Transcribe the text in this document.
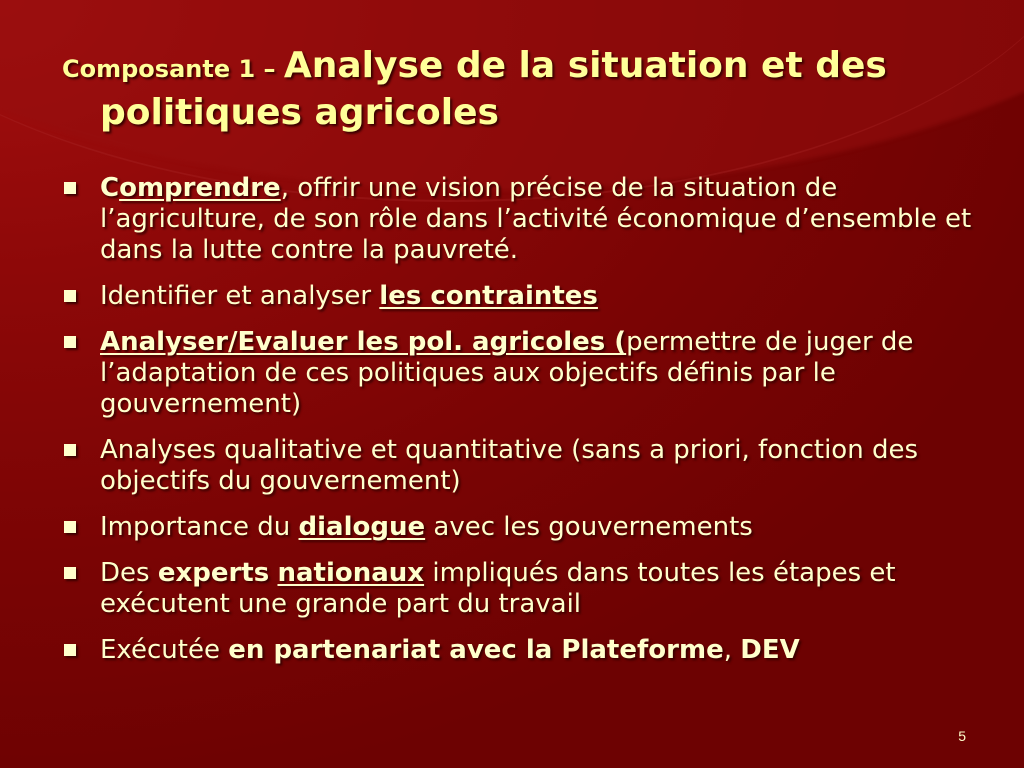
Composante 1 – Analyse de la situation et des politiques agricoles
Comprendre, offrir une vision précise de la situation de l’agriculture, de son rôle dans l’activité économique d’ensemble et dans la lutte contre la pauvreté.
Identifier et analyser les contraintes
Analyser/Evaluer les pol. agricoles (permettre de juger de l’adaptation de ces politiques aux objectifs définis par le gouvernement)
Analyses qualitative et quantitative (sans a priori, fonction des objectifs du gouvernement)
Importance du dialogue avec les gouvernements
Des experts nationaux impliqués dans toutes les étapes et exécutent une grande part du travail
Exécutée en partenariat avec la Plateforme, DEV
5
